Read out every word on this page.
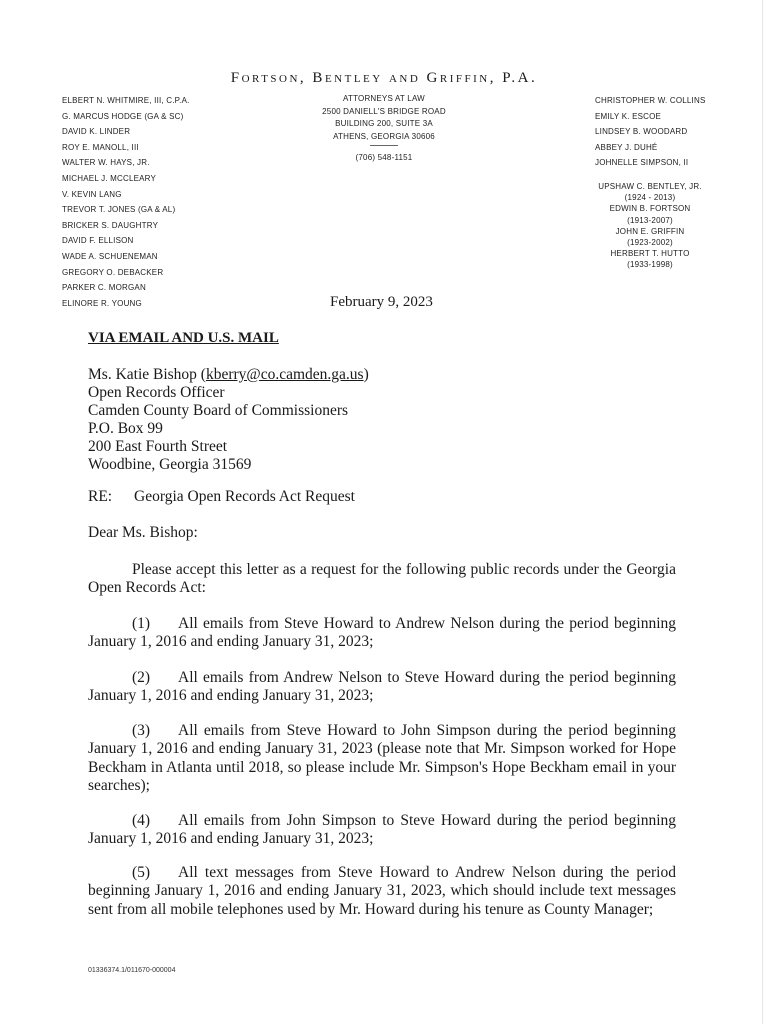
Fortson, Bentley and Griffin, P.A.
ELBERT N. WHITMIRE, III, C.P.A.
G. MARCUS HODGE (GA & SC)
DAVID K. LINDER
ROY E. MANOLL, III
WALTER W. HAYS, JR.
MICHAEL J. MCCLEARY
V. KEVIN LANG
TREVOR T. JONES (GA & AL)
BRICKER S. DAUGHTRY
DAVID F. ELLISON
WADE A. SCHUENEMAN
GREGORY O. DEBACKER
PARKER C. MORGAN
ELINORE R. YOUNG
ATTORNEYS AT LAW
2500 DANIELL'S BRIDGE ROAD
BUILDING 200, SUITE 3A
ATHENS, GEORGIA 30606
(706) 548-1151
CHRISTOPHER W. COLLINS
EMILY K. ESCOE
LINDSEY B. WOODARD
ABBEY J. DUHÉ
JOHNELLE SIMPSON, II
UPSHAW C. BENTLEY, JR.
(1924 - 2013)
EDWIN B. FORTSON
(1913-2007)
JOHN E. GRIFFIN
(1923-2002)
HERBERT T. HUTTO
(1933-1998)
February 9, 2023
VIA EMAIL AND U.S. MAIL
Ms. Katie Bishop (kberry@co.camden.ga.us)
Open Records Officer
Camden County Board of Commissioners
P.O. Box 99
200 East Fourth Street
Woodbine, Georgia 31569
RE: Georgia Open Records Act Request
Dear Ms. Bishop:
Please accept this letter as a request for the following public records under the Georgia Open Records Act:
(1) All emails from Steve Howard to Andrew Nelson during the period beginning January 1, 2016 and ending January 31, 2023;
(2) All emails from Andrew Nelson to Steve Howard during the period beginning January 1, 2016 and ending January 31, 2023;
(3) All emails from Steve Howard to John Simpson during the period beginning January 1, 2016 and ending January 31, 2023 (please note that Mr. Simpson worked for Hope Beckham in Atlanta until 2018, so please include Mr. Simpson's Hope Beckham email in your searches);
(4) All emails from John Simpson to Steve Howard during the period beginning January 1, 2016 and ending January 31, 2023;
(5) All text messages from Steve Howard to Andrew Nelson during the period beginning January 1, 2016 and ending January 31, 2023, which should include text messages sent from all mobile telephones used by Mr. Howard during his tenure as County Manager;
01336374.1/011670-000004
